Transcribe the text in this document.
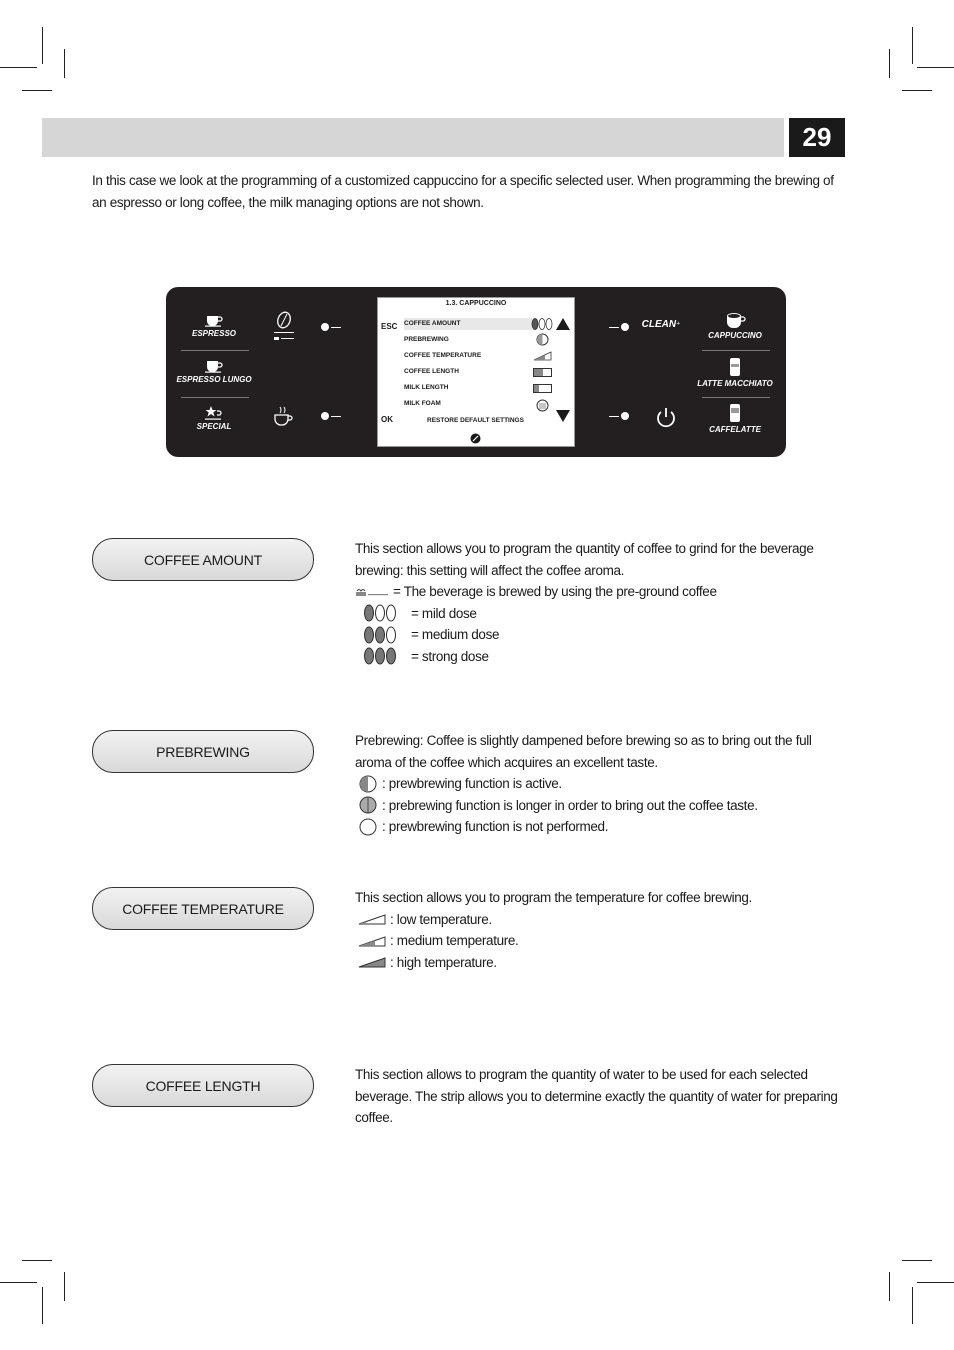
29
In this case we look at the programming of a customized cappuccino for a specific selected user. When programming the brewing of an espresso or long coffee, the milk managing options are not shown.
ESPRESSO
ESPRESSO LUNGO
SPECIAL
1.3. CAPPUCCINO
ESC
OK
COFFEE AMOUNT
PREBREWING
COFFEE TEMPERATURE
COFFEE LENGTH
MILK LENGTH
MILK FOAM
RESTORE DEFAULT SETTINGS
CLEAN⁺
CAPPUCCINO
LATTE MACCHIATO
CAFFELATTE
COFFEE AMOUNT
This section allows you to program the quantity of coffee to grind for the beverage brewing: this setting will affect the coffee aroma.
= The beverage is brewed by using the pre-ground coffee
= mild dose
= medium dose
= strong dose
PREBREWING
Prebrewing: Coffee is slightly dampened before brewing so as to bring out the full aroma of the coffee which acquires an excellent taste.
: prewbrewing function is active.
: prebrewing function is longer in order to bring out the coffee taste.
: prewbrewing function is not performed.
COFFEE TEMPERATURE
This section allows you to program the temperature for coffee brewing.
: low temperature.
: medium temperature.
: high temperature.
COFFEE LENGTH
This section allows to program the quantity of water to be used for each selected beverage. The strip allows you to determine exactly the quantity of water for preparing coffee.
